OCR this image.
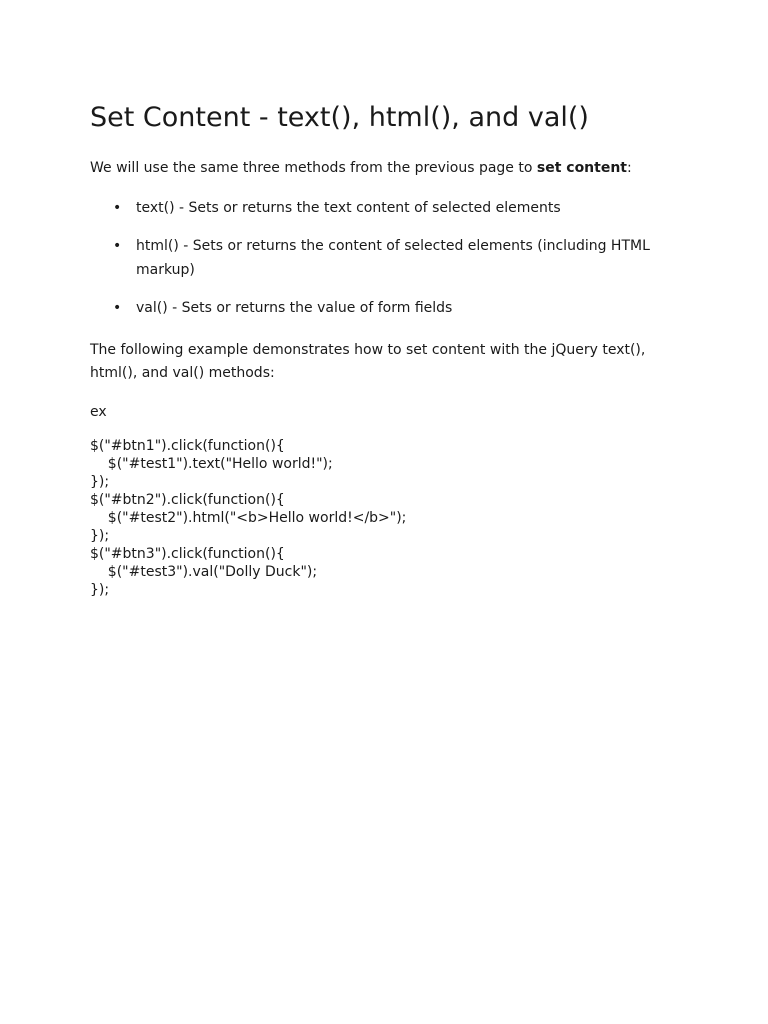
Set Content - text(), html(), and val()

We will use the same three methods from the previous page to set content:

• text() - Sets or returns the text content of selected elements
• html() - Sets or returns the content of selected elements (including HTML markup)
• val() - Sets or returns the value of form fields

The following example demonstrates how to set content with the jQuery text(), html(), and val() methods:

ex

$("#btn1").click(function(){
$("#test1").text("Hello world!");
});
$("#btn2").click(function(){
$("#test2").html("<b>Hello world!</b>");
});
$("#btn3").click(function(){
$("#test3").val("Dolly Duck");
});
